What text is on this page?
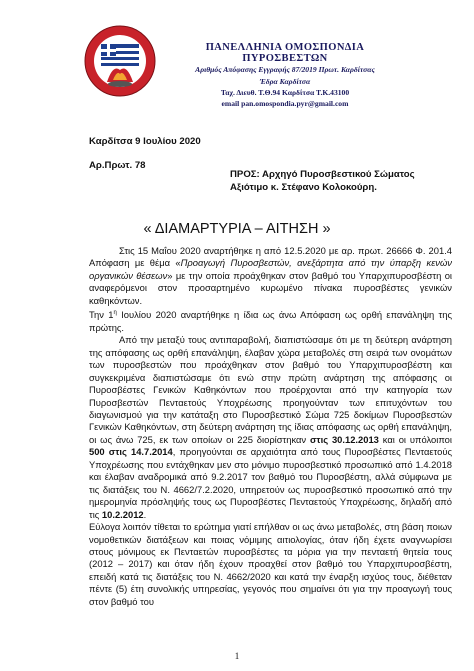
ΠΑΝΕΛΛΗΝΙΑ ΟΜΟΣΠΟΝΔΙΑ
ΠΥΡΟΣΒΕΣΤΩΝ
Αριθμός Απόφασης Εγγραφής 87/2019 Πρωτ. Καρδίτσας
Έδρα Καρδίτσα
Ταχ. Διευθ. Τ.Θ.94 Καρδίτσα Τ.Κ.43100
email pan.omospondia.pyr@gmail.com
Καρδίτσα 9 Ιουλίου 2020
Αρ.Πρωτ. 78
ΠΡΟΣ: Αρχηγό Πυροσβεστικού Σώματος
Αξιότιμο κ. Στέφανο Κολοκούρη.
« ΔΙΑΜΑΡΤΥΡΙΑ – ΑΙΤΗΣΗ »

Στις 15 Μαΐου 2020 αναρτήθηκε η από 12.5.2020 με αρ. πρωτ. 26666 Φ. 201.4 Απόφαση με θέμα «Προαγωγή Πυροσβεστών, ανεξάρτητα από την ύπαρξη κενών οργανικών θέσεων» με την οποία προάχθηκαν στον βαθμό του Υπαρχιπυροσβέστη οι αναφερόμενοι στον προσαρτημένο κυρωμένο πίνακα πυροσβέστες γενικών καθηκόντων.

Την $1^\eta$ Ιουλίου 2020 αναρτήθηκε η ίδια ως άνω Απόφαση ως ορθή επανάληψη της πρώτης.

Από την μεταξύ τους αντιπαραβολή, διαπιστώσαμε ότι με τη δεύτερη ανάρτηση της απόφασης ως ορθή επανάληψη, έλαβαν χώρα μεταβολές στη σειρά των ονομάτων των πυροσβεστών που προάχθηκαν στον βαθμό του Υπαρχιπυροσβέστη και συγκεκριμένα διαπιστώσαμε ότι ενώ στην πρώτη ανάρτηση της απόφασης οι Πυροσβέστες Γενικών Καθηκόντων που προέρχονται από την κατηγορία των Πυροσβεστών Πενταετούς Υποχρέωσης προηγούνταν των επιτυχόντων του διαγωνισμού για την κατάταξη στο Πυροσβεστικό Σώμα 725 δοκίμων Πυροσβεστών Γενικών Καθηκόντων, στη δεύτερη ανάρτηση της ίδιας απόφασης ως ορθή επανάληψη, οι ως άνω 725, εκ των οποίων οι 225 διορίστηκαν στις 30.12.2013 και οι υπόλοιποι 500 στις 14.7.2014, προηγούνται σε αρχαιότητα από τους Πυροσβέστες Πενταετούς Υποχρέωσης που εντάχθηκαν μεν στο μόνιμο πυροσβεστικό προσωπικό από 1.4.2018 και έλαβαν αναδρομικά από 9.2.2017 τον βαθμό του Πυροσβέστη, αλλά σύμφωνα με τις διατάξεις του Ν. 4662/7.2.2020, υπηρετούν ως πυροσβεστικό προσωπικό από την ημερομηνία πρόσληψής τους ως Πυροσβέστες Πενταετούς Υποχρέωσης, δηλαδή από τις 10.2.2012.

Εύλογα λοιπόν τίθεται το ερώτημα γιατί επήλθαν οι ως άνω μεταβολές, στη βάση ποιων νομοθετικών διατάξεων και ποιας νόμιμης αιτιολογίας, όταν ήδη έχετε αναγνωρίσει στους μόνιμους εκ Πενταετών πυροσβέστες τα μόρια για την πενταετή θητεία τους (2012 – 2017) και όταν ήδη έχουν προαχθεί στον βαθμό του Υπαρχιπυροσβέστη, επειδή κατά τις διατάξεις του Ν. 4662/2020 και κατά την έναρξη ισχύος τους, διέθεταν πέντε (5) έτη συνολικής υπηρεσίας, γεγονός που σημαίνει ότι για την προαγωγή τους στον βαθμό του

1
